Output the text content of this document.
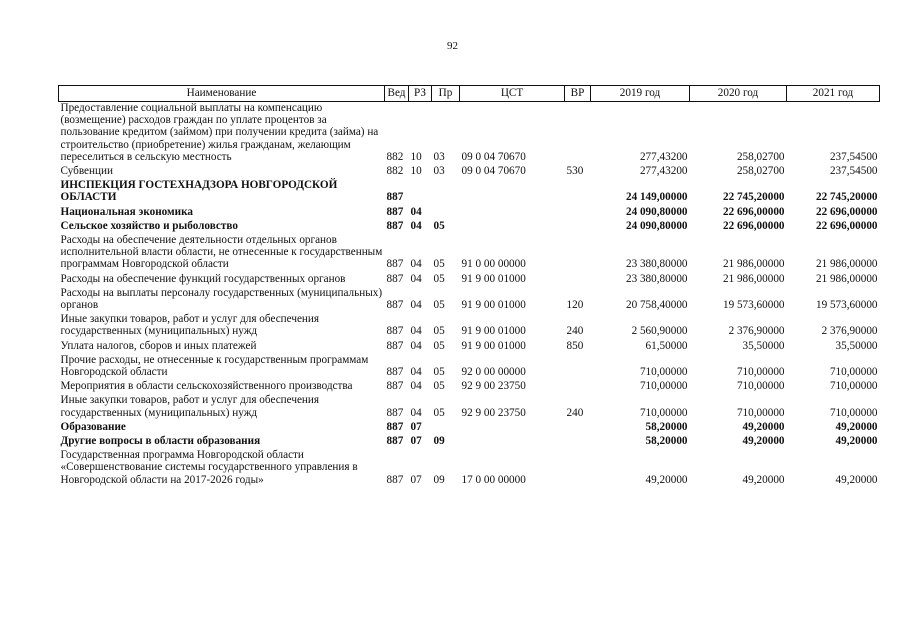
92
Наименование	Вед	РЗ	Пр	ЦСТ	ВР	2019 год	2020 год	2021 год
Предоставление социальной выплаты на компенсацию (возмещение) расходов граждан по уплате процентов за пользование кредитом (займом) при получении кредита (займа) на строительство (приобретение) жилья гражданам, желающим переселиться в сельскую местность	882	10	03	09 0 04 70670		277,43200	258,02700	237,54500
Субвенции	882	10	03	09 0 04 70670	530	277,43200	258,02700	237,54500
ИНСПЕКЦИЯ ГОСТЕХНАДЗОРА НОВГОРОДСКОЙ ОБЛАСТИ	887					24 149,00000	22 745,20000	22 745,20000
Национальная экономика	887	04				24 090,80000	22 696,00000	22 696,00000
Сельское хозяйство и рыболовство	887	04	05			24 090,80000	22 696,00000	22 696,00000
Расходы на обеспечение деятельности отдельных органов исполнительной власти области, не отнесенные к государственным программам Новгородской области	887	04	05	91 0 00 00000		23 380,80000	21 986,00000	21 986,00000
Расходы на обеспечение функций государственных органов	887	04	05	91 9 00 01000		23 380,80000	21 986,00000	21 986,00000
Расходы на выплаты персоналу государственных (муниципальных) органов	887	04	05	91 9 00 01000	120	20 758,40000	19 573,60000	19 573,60000
Иные закупки товаров, работ и услуг для обеспечения государственных (муниципальных) нужд	887	04	05	91 9 00 01000	240	2 560,90000	2 376,90000	2 376,90000
Уплата налогов, сборов и иных платежей	887	04	05	91 9 00 01000	850	61,50000	35,50000	35,50000
Прочие расходы, не отнесенные к государственным программам Новгородской области	887	04	05	92 0 00 00000		710,00000	710,00000	710,00000
Мероприятия в области сельскохозяйственного производства	887	04	05	92 9 00 23750		710,00000	710,00000	710,00000
Иные закупки товаров, работ и услуг для обеспечения государственных (муниципальных) нужд	887	04	05	92 9 00 23750	240	710,00000	710,00000	710,00000
Образование	887	07				58,20000	49,20000	49,20000
Другие вопросы в области образования	887	07	09			58,20000	49,20000	49,20000
Государственная программа Новгородской области «Совершенствование системы государственного управления в Новгородской области на 2017-2026 годы»	887	07	09	17 0 00 00000		49,20000	49,20000	49,20000
